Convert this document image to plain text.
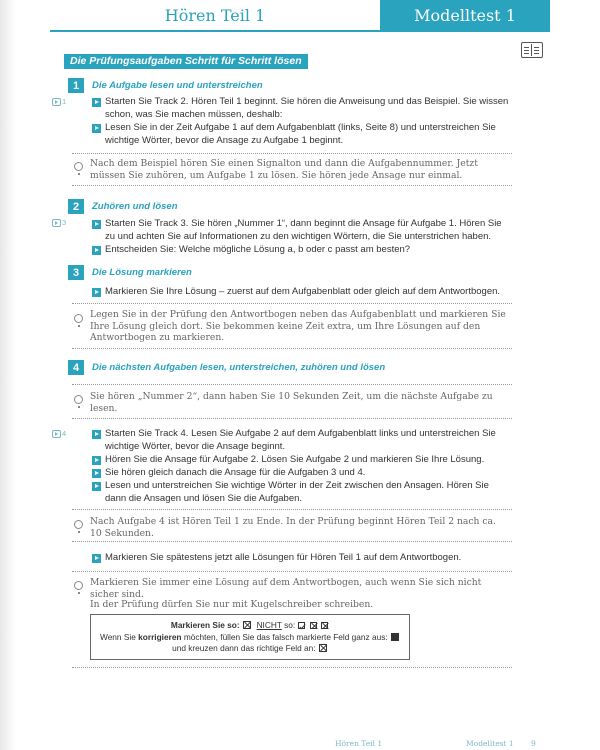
Hören Teil 1	Modelltest 1
Die Prüfungsaufgaben Schritt für Schritt lösen
1	Die Aufgabe lesen und unterstreichen
1	Starten Sie Track 2. Hören Teil 1 beginnt. Sie hören die Anweisung und das Beispiel. Sie wissen schon, was Sie machen müssen, deshalb:
Lesen Sie in der Zeit Aufgabe 1 auf dem Aufgabenblatt (links, Seite 8) und unterstreichen Sie wichtige Wörter, bevor die Ansage zu Aufgabe 1 beginnt.
Nach dem Beispiel hören Sie einen Signalton und dann die Aufgabennummer. Jetzt müssen Sie zuhören, um Aufgabe 1 zu lösen. Sie hören jede Ansage nur einmal.
2	Zuhören und lösen
3	Starten Sie Track 3. Sie hören „Nummer 1“, dann beginnt die Ansage für Aufgabe 1. Hören Sie zu und achten Sie auf Informationen zu den wichtigen Wörtern, die Sie unterstrichen haben.
Entscheiden Sie: Welche mögliche Lösung a, b oder c passt am besten?
3	Die Lösung markieren
Markieren Sie Ihre Lösung – zuerst auf dem Aufgabenblatt oder gleich auf dem Antwortbogen.
Legen Sie in der Prüfung den Antwortbogen neben das Aufgabenblatt und markieren Sie Ihre Lösung gleich dort. Sie bekommen keine Zeit extra, um Ihre Lösungen auf den Antwortbogen zu markieren.
4	Die nächsten Aufgaben lesen, unterstreichen, zuhören und lösen
Sie hören „Nummer 2“, dann haben Sie 10 Sekunden Zeit, um die nächste Aufgabe zu lesen.
4	Starten Sie Track 4. Lesen Sie Aufgabe 2 auf dem Aufgabenblatt links und unterstreichen Sie wichtige Wörter, bevor die Ansage beginnt.
Hören Sie die Ansage für Aufgabe 2. Lösen Sie Aufgabe 2 und markieren Sie Ihre Lösung.
Sie hören gleich danach die Ansage für die Aufgaben 3 und 4.
Lesen und unterstreichen Sie wichtige Wörter in der Zeit zwischen den Ansagen. Hören Sie dann die Ansagen und lösen Sie die Aufgaben.
Nach Aufgabe 4 ist Hören Teil 1 zu Ende. In der Prüfung beginnt Hören Teil 2 nach ca. 10 Sekunden.
Markieren Sie spätestens jetzt alle Lösungen für Hören Teil 1 auf dem Antwortbogen.
Markieren Sie immer eine Lösung auf dem Antwortbogen, auch wenn Sie sich nicht sicher sind.
In der Prüfung dürfen Sie nur mit Kugelschreiber schreiben.
Markieren Sie so: ☒ NICHT so:
Wenn Sie korrigieren möchten, füllen Sie das falsch markierte Feld ganz aus:
und kreuzen dann das richtige Feld an:
Hören Teil 1	Modelltest 1 9
